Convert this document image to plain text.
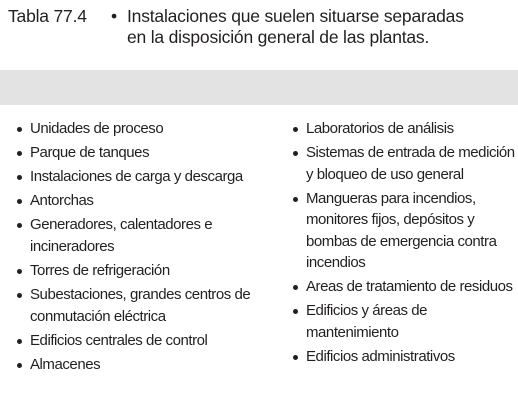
Tabla 77.4 • Instalaciones que suelen situarse separadas
en la disposición general de las plantas.
Unidades de proceso
Parque de tanques
Instalaciones de carga y descarga
Antorchas
Generadores, calentadores e
incineradores
Torres de refrigeración
Subestaciones, grandes centros de
conmutación eléctrica
Edificios centrales de control
Almacenes
Laboratorios de análisis
Sistemas de entrada de medición
y bloqueo de uso general
Mangueras para incendios,
monitores fijos, depósitos y
bombas de emergencia contra
incendios
Areas de tratamiento de residuos
Edificios y áreas de
mantenimiento
Edificios administrativos
